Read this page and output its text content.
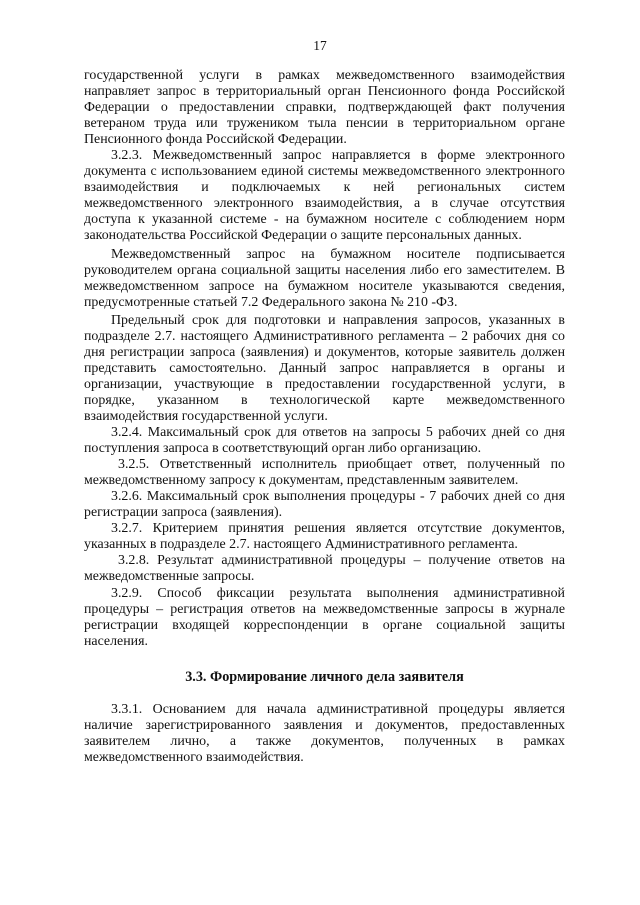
17

государственной услуги в рамках межведомственного взаимодействия направляет запрос в территориальный орган Пенсионного фонда Российской Федерации о предоставлении справки, подтверждающей факт получения ветераном труда или тружеником тыла пенсии в территориальном органе Пенсионного фонда Российской Федерации.

3.2.3. Межведомственный запрос направляется в форме электронного документа с использованием единой системы межведомственного электронного взаимодействия и подключаемых к ней региональных систем межведомственного электронного взаимодействия, а в случае отсутствия доступа к указанной системе - на бумажном носителе с соблюдением норм законодательства Российской Федерации о защите персональных данных.

Межведомственный запрос на бумажном носителе подписывается руководителем органа социальной защиты населения либо его заместителем. В межведомственном запросе на бумажном носителе указываются сведения, предусмотренные статьей 7.2 Федерального закона № 210 -ФЗ.

Предельный срок для подготовки и направления запросов, указанных в подразделе 2.7. настоящего Административного регламента – 2 рабочих дня со дня регистрации запроса (заявления) и документов, которые заявитель должен представить самостоятельно. Данный запрос направляется в органы и организации, участвующие в предоставлении государственной услуги, в порядке, указанном в технологической карте межведомственного взаимодействия государственной услуги.

3.2.4. Максимальный срок для ответов на запросы 5 рабочих дней со дня поступления запроса в соответствующий орган либо организацию.

3.2.5. Ответственный исполнитель приобщает ответ, полученный по межведомственному запросу к документам, представленным заявителем.

3.2.6. Максимальный срок выполнения процедуры - 7 рабочих дней со дня регистрации запроса (заявления).

3.2.7. Критерием принятия решения является отсутствие документов, указанных в подразделе 2.7. настоящего Административного регламента.

3.2.8. Результат административной процедуры – получение ответов на межведомственные запросы.

3.2.9. Способ фиксации результата выполнения административной процедуры – регистрация ответов на межведомственные запросы в журнале регистрации входящей корреспонденции в органе социальной защиты населения.

3.3. Формирование личного дела заявителя

3.3.1. Основанием для начала административной процедуры является наличие зарегистрированного заявления и документов, предоставленных заявителем лично, а также документов, полученных в рамках межведомственного взаимодействия.
